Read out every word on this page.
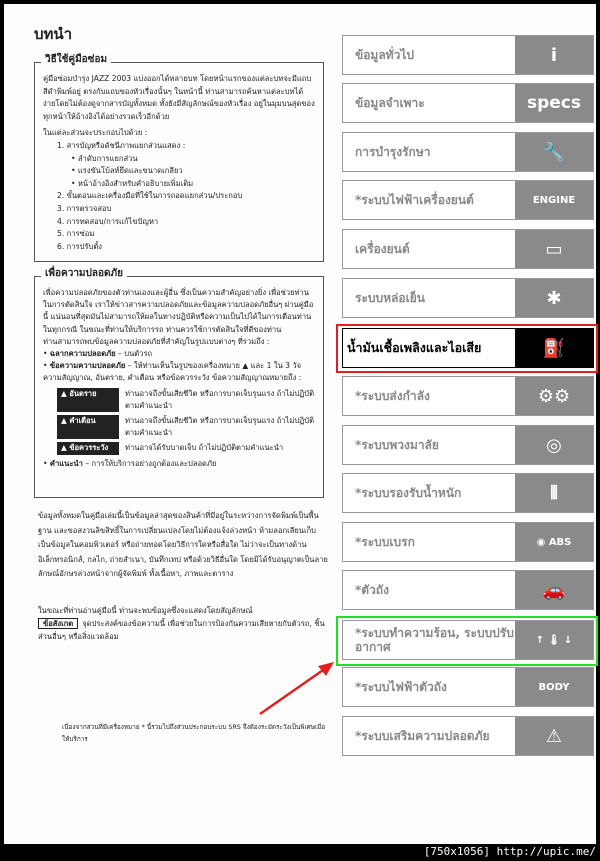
บทนำ
วิธีใช้คู่มือซ่อม
คู่มือซ่อมบำรุง JAZZ 2003 แบ่งออกได้หลายบท โดยหน้าแรกของแต่ละบทจะมีแถบสีดำพิมพ์อยู่ ตรงกับแถบของหัวเรื่องนั้นๆ ในหน้านี้ ท่านสามารถค้นหาแต่ละบทได้ง่ายโดยไม่ต้องดูจากสารบัญทั้งหมด ทั้งยังมีสัญลักษณ์ของหัวเรื่อง อยู่ในมุมบนสุดของทุกหน้าให้อ้างอิงได้อย่างรวดเร็วอีกด้วย
ในแต่ละส่วนจะประกอบไปด้วย :
1. สารบัญหรือดัชนีภาพแยกส่วนแสดง :
• ลำดับการแยกส่วน
• แรงขันโบ้ลท์ยึดและขนาดเกลียว
• หน้าอ้างอิงสำหรับคำอธิบายเพิ่มเติม
2. ขั้นตอนและเครื่องมือที่ใช้ในการถอดแยกส่วน/ประกอบ
3. การตรวจสอบ
4. การทดสอบ/การแก้ไขปัญหา
5. การซ่อม
6. การปรับตั้ง
เพื่อความปลอดภัย
เพื่อความปลอดภัยของตัวท่านเองและผู้อื่น ซึ่งเป็นความสำคัญอย่างยิ่ง เพื่อช่วยท่านในการตัดสินใจ เราให้ข่าวสารความปลอดภัยและข้อมูลความปลอดภัยอื่นๆ ผ่านคู่มือนี้ แน่นอนที่สุดมันไม่สามารถให้ผลในทางปฏิบัติหรือความเป็นไปได้ในการเตือนท่านในทุกกรณี ในขณะที่ท่านให้บริการรถ ท่านควรใช้การตัดสินใจที่ดีของท่าน
ท่านสามารถพบข้อมูลความปลอดภัยที่สำคัญในรูปแบบต่างๆ ที่รวมถึง :
• ฉลากความปลอดภัย – บนตัวรถ
• ข้อความความปลอดภัย – ให้ท่านเห็นในรูปของเครื่องหมาย ▲ และ 1 ใน 3 วัจความสัญญาณ, อันตราย, คำเตือน หรือข้อควรระวัง ข้อความสัญญาณหมายถึง :
▲ อันตราย	ท่านอาจถึงขั้นเสียชีวิต หรือการบาดเจ็บรุนแรง ถ้าไม่ปฏิบัติตามคำแนะนำ
▲ คำเตือน	ท่านอาจถึงขั้นเสียชีวิต หรือการบาดเจ็บรุนแรง ถ้าไม่ปฏิบัติตามคำแนะนำ
▲ ข้อควรระวัง	ท่านอาจได้รับบาดเจ็บ ถ้าไม่ปฏิบัติตามคำแนะนำ
• คำแนะนำ – การให้บริการอย่างถูกต้องและปลอดภัย
ข้อมูลทั้งหมดในคู่มือเล่มนี้เป็นข้อมูลล่าสุดของสินค้าที่มีอยู่ในระหว่างการจัดพิมพ์เป็นพื้นฐาน และขอสงวนลิขสิทธิ์ในการเปลี่ยนแปลงโดยไม่ต้องแจ้งล่วงหน้า ห้ามลอกเลียนเก็บเป็นข้อมูลในคอมพิวเตอร์ หรือถ่ายทอดโดยวิธีการใดหรือสื่อใด ไม่ว่าจะเป็นทางด้านอิเล็กทรอนิกส์, กลไก, ถ่ายสำเนา, บันทึกเทป หรือด้วยวิธีอื่นใด โดยมิได้รับอนุญาตเป็นลายลักษณ์อักษรล่วงหน้าจากผู้จัดพิมพ์ ทั้งเนื้อหา, ภาพและตาราง
ในขณะที่ท่านอ่านคู่มือนี้ ท่านจะพบข้อมูลซึ่งจะแสดงโดยสัญลักษณ์
ข้อสังเกต จุดประสงค์ของข้อความนี้ เพื่อช่วยในการป้องกันความเสียหายกับตัวรถ, ชิ้นส่วนอื่นๆ หรือสิ่งแวดล้อม
เนื่องจากส่วนที่มีเครื่องหมาย * นี้รวมไปถึงส่วนประกอบระบบ SRS จึงต้องระมัดระวังเป็นพิเศษเมื่อให้บริการ
ข้อมูลทั่วไป	i
ข้อมูลจำเพาะ	specs
การบำรุงรักษา	🔧
*ระบบไฟฟ้าเครื่องยนต์	ENGINE
เครื่องยนต์	▭
ระบบหล่อเย็น	✱
น้ำมันเชื้อเพลิงและไอเสีย	⛽
*ระบบส่งกำลัง	⚙⚙
*ระบบพวงมาลัย	◎
*ระบบรองรับน้ำหนัก	⫴
*ระบบเบรก	◉ ABS
*ตัวถัง	🚗
*ระบบทำความร้อน, ระบบปรับอากาศ	↑ 🌡 ↓
*ระบบไฟฟ้าตัวถัง	BODY
*ระบบเสริมความปลอดภัย	⚠
[750x1056] http://upic.me/
